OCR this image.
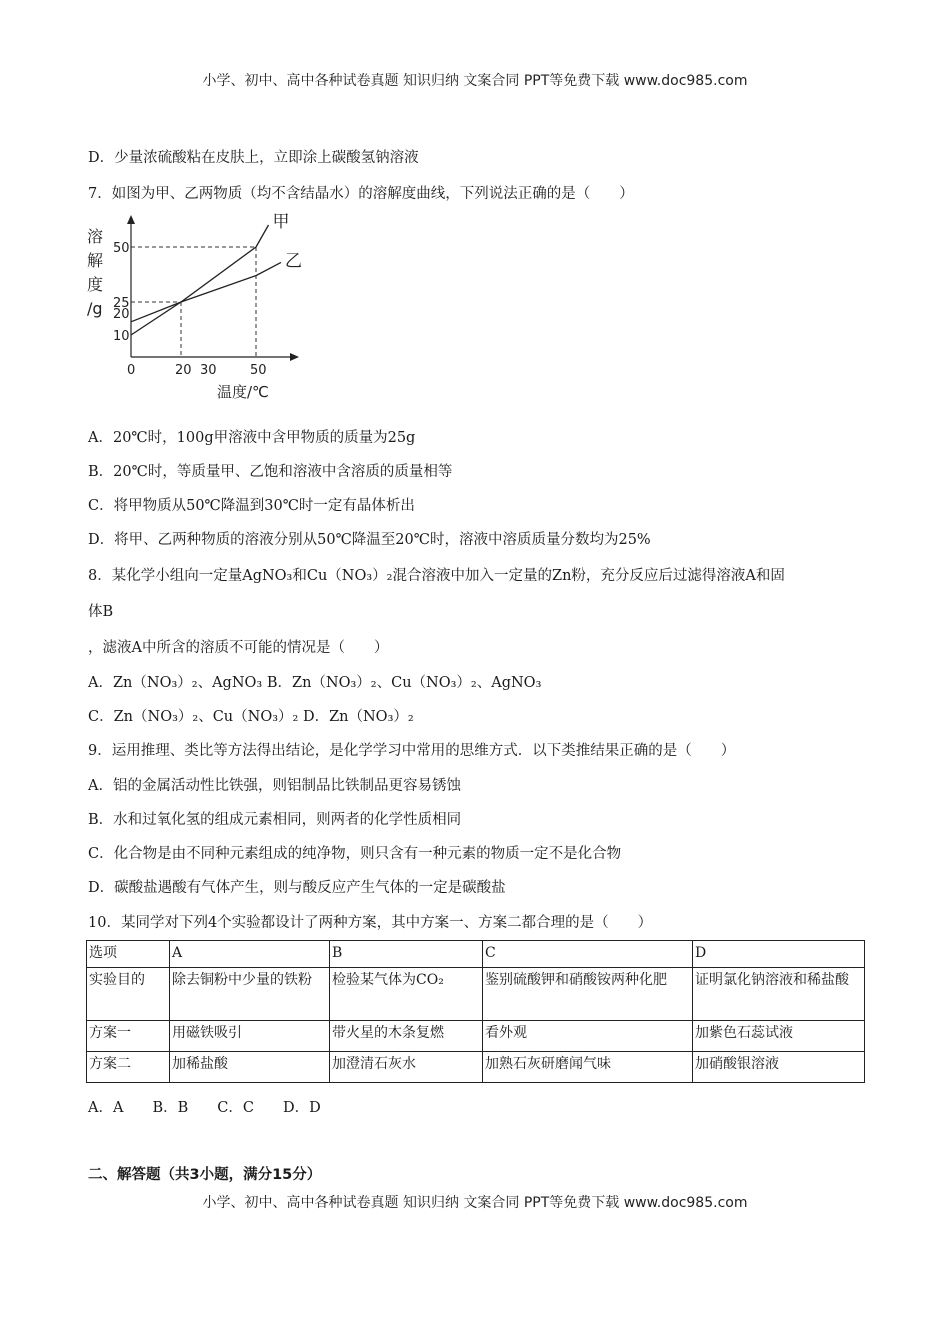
小学、初中、高中各种试卷真题 知识归纳 文案合同 PPT等免费下载 www.doc985.com
D．少量浓硫酸粘在皮肤上，立即涂上碳酸氢钠溶液
7．如图为甲、乙两物质（均不含结晶水）的溶解度曲线，下列说法正确的是（　　）
甲
乙
0	20 30	50
10
20
25
50
溶
解
度
/g
温度/℃
A．20℃时，100g甲溶液中含甲物质的质量为25g
B．20℃时，等质量甲、乙饱和溶液中含溶质的质量相等
C．将甲物质从50℃降温到30℃时一定有晶体析出
D．将甲、乙两种物质的溶液分别从50℃降温至20℃时，溶液中溶质质量分数均为25%
8．某化学小组向一定量AgNO₃和Cu（NO₃）₂混合溶液中加入一定量的Zn粉，充分反应后过滤得溶液A和固
体B
，滤液A中所含的溶质不可能的情况是（　　）
A．Zn（NO₃）₂、AgNO₃ B．Zn（NO₃）₂、Cu（NO₃）₂、AgNO₃
C．Zn（NO₃）₂、Cu（NO₃）₂ D．Zn（NO₃）₂
9．运用推理、类比等方法得出结论，是化学学习中常用的思维方式．以下类推结果正确的是（　　）
A．铝的金属活动性比铁强，则铝制品比铁制品更容易锈蚀
B．水和过氧化氢的组成元素相同，则两者的化学性质相同
C．化合物是由不同种元素组成的纯净物，则只含有一种元素的物质一定不是化合物
D．碳酸盐遇酸有气体产生，则与酸反应产生气体的一定是碳酸盐
10．某同学对下列4个实验都设计了两种方案，其中方案一、方案二都合理的是（　　）
选项	A	B	C	D
实验目的	除去铜粉中少量的铁粉	检验某气体为CO₂	鉴别硫酸钾和硝酸铵两种化肥	证明氯化钠溶液和稀盐酸
方案一	用磁铁吸引	带火星的木条复燃	看外观	加紫色石蕊试液
方案二	加稀盐酸	加澄清石灰水	加熟石灰研磨闻气味	加硝酸银溶液
A．A　　B．B　　C．C　　D．D
二、解答题（共3小题，满分15分）
小学、初中、高中各种试卷真题 知识归纳 文案合同 PPT等免费下载 www.doc985.com
